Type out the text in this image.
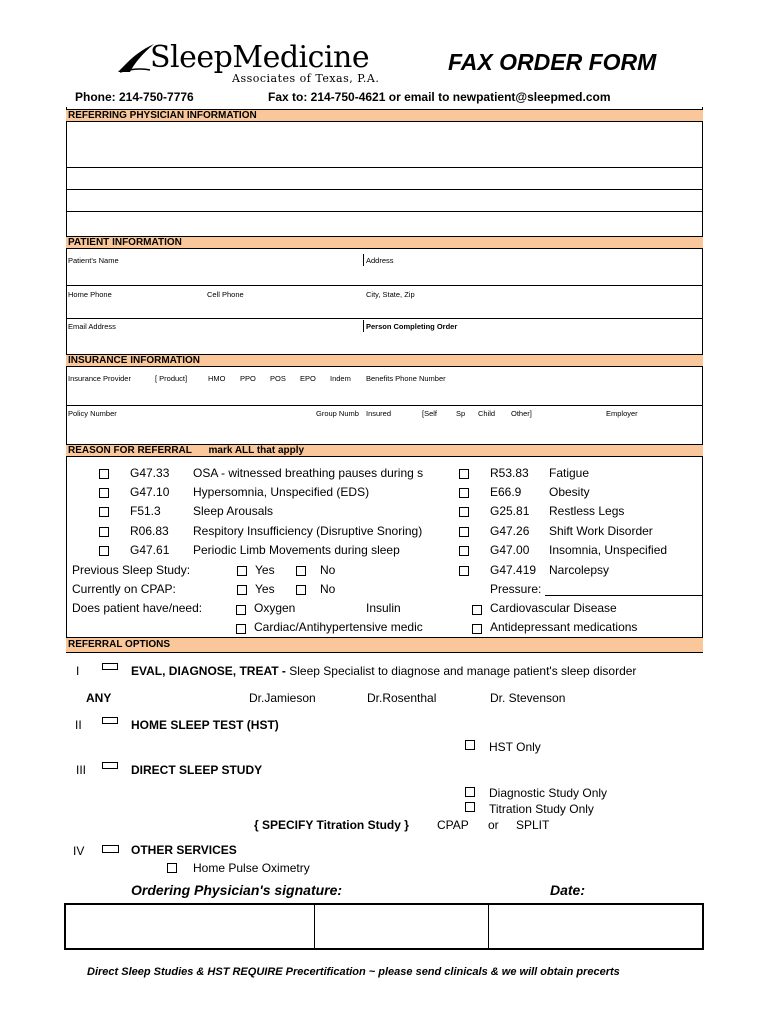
SleepMedicine
Associates of Texas, P.A.
FAX ORDER FORM
Phone: 214-750-7776	Fax to: 214-750-4621 or email to newpatient@sleepmed.com
REFERRING PHYSICIAN INFORMATION
PATIENT INFORMATION
Patient's Name	Address
Home Phone	Cell Phone	City, State, Zip
Email Address	Person Completing Order
INSURANCE INFORMATION
Insurance Provider	[ Product]	HMO PPO POS EPO Indem Benefits Phone Number
Policy Number	Group Numb Insured	[Self	Sp Child Other]	Employer
REASON FOR REFERRAL mark ALL that apply
G47.33 OSA - witnessed breathing pauses during s
G47.10 Hypersomnia, Unspecified (EDS)
F51.3	Sleep Arousals
R06.83 Respitory Insufficiency (Disruptive Snoring)
G47.61 Periodic Limb Movements during sleep
R53.83 Fatigue
E66.9 Obesity
G25.81 Restless Legs
G47.26 Shift Work Disorder
G47.00 Insomnia, Unspecified
G47.419 Narcolepsy
Previous Sleep Study:	Yes	No
Currently on CPAP:	Yes	No	Pressure:
Does patient have/need:	Oxygen	Insulin	Cardiovascular Disease
Cardiac/Antihypertensive medic	Antidepressant medications
REFERRAL OPTIONS
I	EVAL, DIAGNOSE, TREAT - Sleep Specialist to diagnose and manage patient's sleep disorder
ANY	Dr.Jamieson	Dr.Rosenthal	Dr. Stevenson
II	HOME SLEEP TEST (HST)
HST Only
III	DIRECT SLEEP STUDY
Diagnostic Study Only
Titration Study Only
{ SPECIFY Titration Study } CPAP or SPLIT
IV	OTHER SERVICES
Home Pulse Oximetry
Ordering Physician's signature:	Date:
Direct Sleep Studies & HST REQUIRE Precertification ~ please send clinicals & we will obtain precerts
